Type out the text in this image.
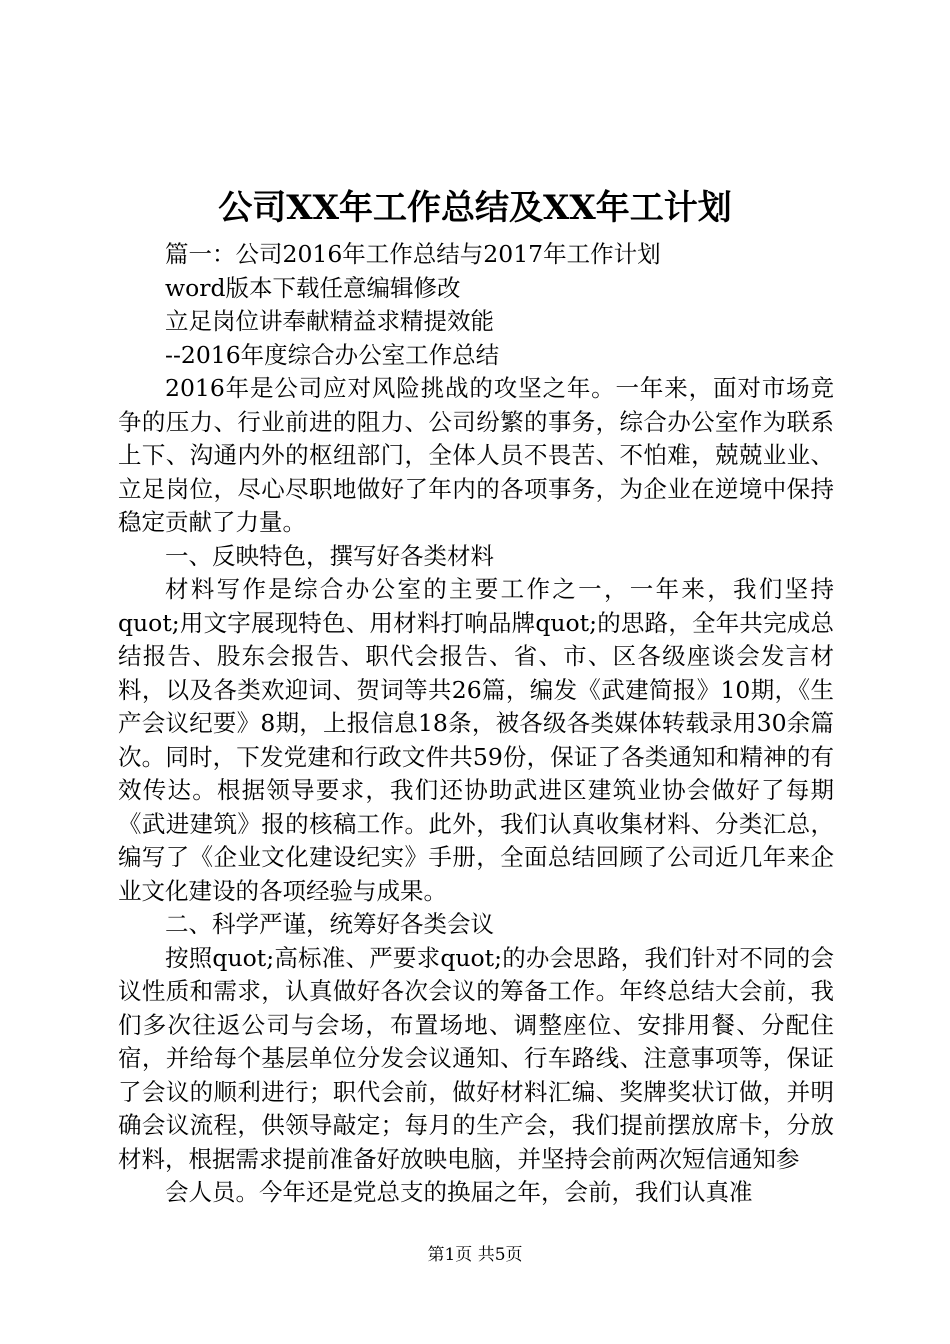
公司XX年工作总结及XX年工计划

篇一：公司2016年工作总结与2017年工作计划

word版本下载任意编辑修改

立足岗位讲奉献精益求精提效能

--2016年度综合办公室工作总结

2016年是公司应对风险挑战的攻坚之年。一年来，面对市场竞争的压力、行业前进的阻力、公司纷繁的事务，综合办公室作为联系上下、沟通内外的枢纽部门，全体人员不畏苦、不怕难，兢兢业业、立足岗位，尽心尽职地做好了年内的各项事务，为企业在逆境中保持稳定贡献了力量。

一、反映特色，撰写好各类材料

材料写作是综合办公室的主要工作之一，一年来，我们坚持quot;用文字展现特色、用材料打响品牌quot;的思路，全年共完成总结报告、股东会报告、职代会报告、省、市、区各级座谈会发言材料，以及各类欢迎词、贺词等共26篇，编发《武建简报》10期，《生产会议纪要》8期，上报信息18条，被各级各类媒体转载录用30余篇次。同时，下发党建和行政文件共59份，保证了各类通知和精神的有效传达。根据领导要求，我们还协助武进区建筑业协会做好了每期《武进建筑》报的核稿工作。此外，我们认真收集材料、分类汇总，编写了《企业文化建设纪实》手册，全面总结回顾了公司近几年来企业文化建设的各项经验与成果。

二、科学严谨，统筹好各类会议

按照quot;高标准、严要求quot;的办会思路，我们针对不同的会议性质和需求，认真做好各次会议的筹备工作。年终总结大会前，我们多次往返公司与会场，布置场地、调整座位、安排用餐、分配住宿，并给每个基层单位分发会议通知、行车路线、注意事项等，保证了会议的顺利进行；职代会前，做好材料汇编、奖牌奖状订做，并明确会议流程，供领导敲定；每月的生产会，我们提前摆放席卡，分放材料，根据需求提前准备好放映电脑，并坚持会前两次短信通知参

会人员。今年还是党总支的换届之年，会前，我们认真准

第1页 共5页
